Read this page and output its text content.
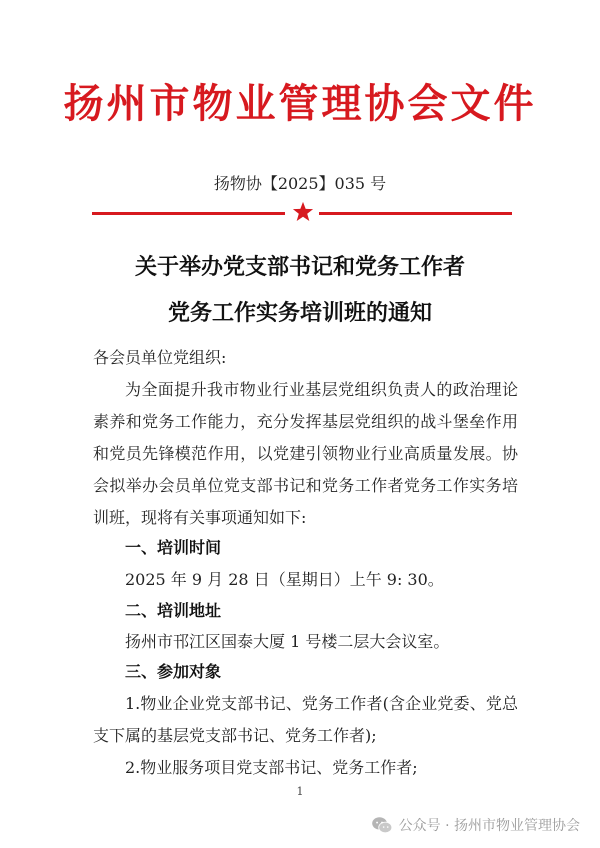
扬州市物业管理协会文件
扬物协【2025】035 号
关于举办党支部书记和党务工作者
党务工作实务培训班的通知
各会员单位党组织:
为全面提升我市物业行业基层党组织负责人的政治理论素养和党务工作能力，充分发挥基层党组织的战斗堡垒作用和党员先锋模范作用，以党建引领物业行业高质量发展。协会拟举办会员单位党支部书记和党务工作者党务工作实务培训班，现将有关事项通知如下:
一、培训时间
2025 年 9 月 28 日（星期日）上午 9: 30。
二、培训地址
扬州市邗江区国泰大厦 1 号楼二层大会议室。
三、参加对象
1.物业企业党支部书记、党务工作者(含企业党委、党总支下属的基层党支部书记、党务工作者);
2.物业服务项目党支部书记、党务工作者;
1
公众号 · 扬州市物业管理协会
